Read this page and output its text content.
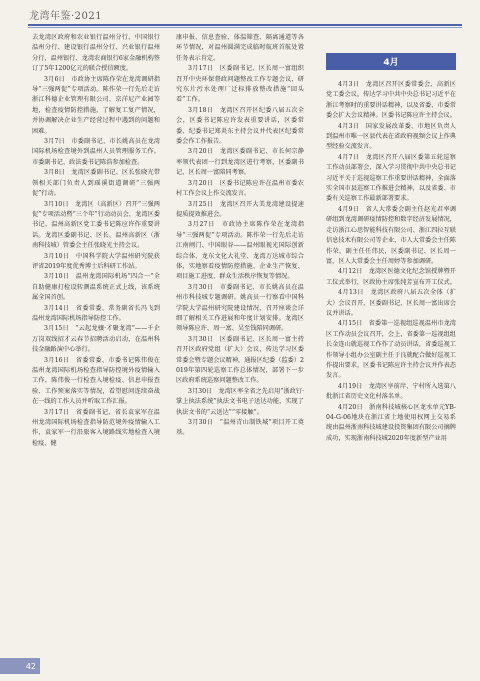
龙湾年鉴·2021

去龙湾区政府和农业银行温州分行、中国银行温州分行、建设银行温州分行、兴业银行温州分行、温州银行、龙湾农商银行6家金融机构签订了5年1200亿元的联合授信额度。

3月6日　市政协主席陈作荣在龙湾调研指导“三强两促”专项活动。陈作荣一行先后走访浙江科德企业管理有限公司、京洋尼产业园等地，检查疫情防控措施，了解复工复产情况，并协调解决企业生产经营过程中遇到的问题和困难。

3月7日　市委副书记、市长姚高员在龙湾国际机场检查境外到温州人员管理服务工作。市委副书记、政法委书记陈浩参加检查。

3月8日　龙湾区委副书记、区长张晓光带领相关部门负责人到瑶溪街道调研“三强两促”行动。

3月10日　龙湾区（高新区）召开“三强两促”专项活动暨“三个年”行动动员会，龙湾区委书记、温州高新区党工委书记陈应许作重要讲话。龙湾区委副书记、区长、温州高新区（浙南科技城）管委会主任张晓光主持会议。

3月10日　中国科学院大学温州研究院获评省2019年度优秀博士后科研工作站。

3月10日　温州龙湾国际机场“四合一”全自助健康打检设转测温系统正式上线，该系统属全国首创。

3月14日　省委常委、常务副省长冯飞到温州龙湾国际机场指导防控工作。

3月15日　“云起龙骧·才聚龙湾”——千企万岗双线招才云春节招聘活动启动，在温州科技金融路演中心举行。

3月16日　省委常委、市委书记陈伟俊在温州龙湾国际机场检查指导防控境外疫情输入工作，陈伟俊一行检查入境检疫、信息申报查验、工作预案落实等情况，看望慰问连续奋战在一线的工作人员并听取工作汇报。

3月17日　省委副书记、省长袁家军在温州龙湾国际机场检查指导防范境外疫情输入工作，袁家军一行沿旅客入境路线实地检查入境检疫、健

康申报、信息查验、体温筛查、隔离通道等各环节情况，对温州圆满完成临时航班首航处置任务表示肯定。

3月17日　区委副书记、区长周一富组织召开中央环保督政问题整改工作专题会议，研究东片污水处理厂迁标排放整改措施“回头看”工作。

3月18日　龙湾区召开区纪委八届五次全会，区委书记陈应许发表重要讲话，区委常委、纪委书记郑炎东主持会议并代表区纪委常委会作工作报告。

3月20日　龙湾区委副书记、市长何宗静率领代表团一行到龙湾区进行考察，区委副书记、区长周一富陪同考察。

3月20日　区委书记陈应许在温州市委农村工作会议上作交流发言。

3月25日　龙湾区召开大美龙湾建设提速提质提效推进会。

3月27日　市政协主席陈作荣在龙湾指导“三强两促”专项活动。陈作荣一行先后走访江南闸门、中国眼谷——温州眼视光国际创新综合体、龙东文化大礼堂、龙湾万达城市综合体，实地察看疫情防控措施、企业生产恢复、项目施工进度、群众生活秩序恢复等情况。

3月30日　市委副书记、市长姚高员在温州市科技城专题调研。姚高员一行察看中国科学院大学温州研究院建设情况，召开座谈会详细了解相关工作进展和年度计划安排。龙湾区领导陈应许、周一富、吴至钱陪同调研。

3月30日　区委副书记、区长周一富主持召开区政府党组（扩大）会议，传达学习区委常委会暨专题会议精神，通报区纪委（监委）2019年第四轮巡察工作总体情况，部署下一步区政府系统巡察问题整改工作。

3月30日　龙湾区率全省之先启用“浙政钉·掌上执法系统”执法文书电子送达功能，实现了执法文书的“云送达”“零接触”。

3月30日　“温州青山制铁城”项目开工奠基。

4月

4月3日　龙湾区召开区委常委会、高新区党工委会议，传达学习中共中央总书记习近平在浙江考察时的重要讲话精神，以及省委、市委常委会扩大会议精神。区委书记陈应许主持会议。

4月3日　国家发展改革委、市地区负责人到温州市唯一区县代表在省政府视频会议上作典型经验交流发言。

4月7日　龙湾区召开八届区委第五轮巡察工作动员部署会，深入学习贯彻中共中央总书记习近平关于巡视巡察工作重要讲话精神，全面落实全国市县巡察工作推进会精神，以及省委、市委有关巡察工作最新部署要求。

4月9日　省人大常委会副主任赵光君率调研组到龙湾调研疫情防控和数字经济发展情况，走访浙江心思智能科技有限公司、浙江四拉互联信息技术有限公司等企业，市人大常委会主任陈作荣，副主任任伟民，区委副书记、区长周一富，区人大常委会主任周婷等参加调研。

4月12日　龙湾区医德文化纪念馆授牌暨开工仪式举行，区政协主席张纯芳宣布开工仪式。

4月13日　龙湾区政府八届五次全体（扩大）会议召开，区委副书记、区长周一富出席会议并讲话。

4月15日　省委第一巡视组巡视温州市龙湾区工作动员会议召开，会上，省委第一巡视组组长金连山就巡视工作作了动员讲话，省委巡视工作领导小组办公室副主任于良就配合做好巡视工作提出要求，区委书记陈应许主持会议并作表态发言。

4月19日　龙湾区享前岸、宁村所入选第八批浙江省历史文化村落名单。

4月20日　浙南科技城核心区龙水单元YB-04-G-06地块在浙江省土地使用权网上交易系统由温州浙南科技城建设投资集团有限公司摘牌成功，实现浙南科技城2020年度新型产业用

42
